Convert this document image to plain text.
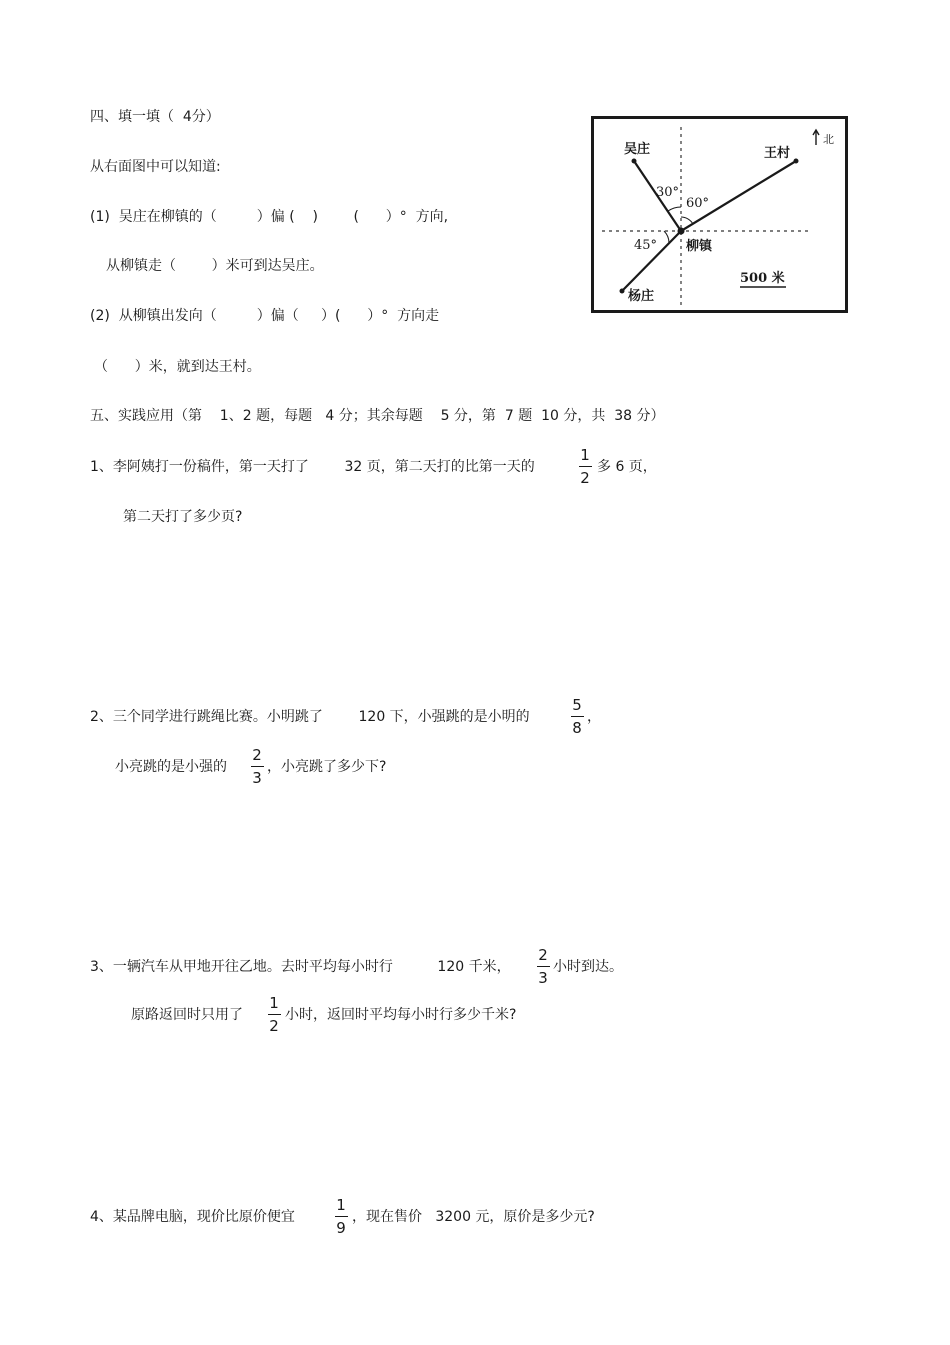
四、填一填（  4分）
从右面图中可以知道:
(1)  吴庄在柳镇的（         ）偏 (    )        (      ）°  方向,
从柳镇走（        ）米可到达吴庄。
(2)  从柳镇出发向（         ）偏（     ）(      ）°  方向走
（      ）米，就到达王村。
北
吴庄	王村
柳镇
杨庄
30°
60°
45°
500 米
五、实践应用（第    1、2 题，每题   4 分；其余每题    5 分，第  7 题  10 分，共  38 分）
1、李阿姨打一份稿件，第一天打了        32 页，第二天打的比第一天的
1
2
多 6 页，
第二天打了多少页?
2、三个同学进行跳绳比赛。小明跳了        120 下，小强跳的是小明的
5
8
，
小亮跳的是小强的
2
3
，小亮跳了多少下?
3、一辆汽车从甲地开往乙地。去时平均每小时行          120 千米，
2
3
小时到达。
原路返回时只用了
1
2
小时，返回时平均每小时行多少千米?
4、某品牌电脑，现价比原价便宜
1
9
，现在售价   3200 元，原价是多少元?
